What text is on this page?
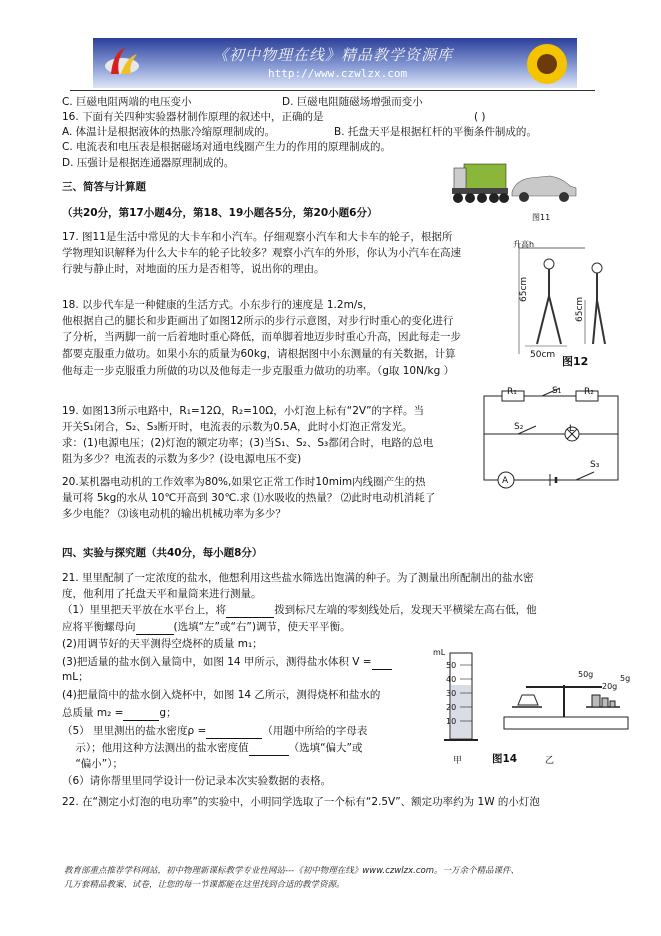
《初中物理在线》精品教学资源库
http://www.czwlzx.com
C. 巨磁电阻两端的电压变小	D. 巨磁电阻随磁场增强而变小
16. 下面有关四种实验器材制作原理的叙述中，正确的是	( )
A. 体温计是根据液体的热胀冷缩原理制成的。	B. 托盘天平是根据杠杆的平衡条件制成的。
C. 电流表和电压表是根据磁场对通电线圈产生力的作用的原理制成的。
D. 压强计是根据连通器原理制成的。
三、简答与计算题
（共20分，第17小题4分，第18、19小题各5分，第20小题6分）	图11
17. 图11是生活中常见的大卡车和小汽车。仔细观察小汽车和大卡车的轮子，根据所
学物理知识解释为什么大卡车的轮子比较多？观察小汽车的外形，你认为小汽车在高速
行驶与静止时，对地面的压力是否相等，说出你的理由。
18. 以步代车是一种健康的生活方式。小东步行的速度是 1.2m/s，
他根据自己的腿长和步距画出了如图12所示的步行示意图，对步行时重心的变化进行
了分析，当两脚一前一后着地时重心降低，而单脚着地迈步时重心升高，因此每走一步
都要克服重力做功。如果小东的质量为60kg，请根据图中小东测量的有关数据，计算
他每走一步克服重力所做的功以及他每走一步克服重力做功的功率。（g取 10N/kg ）
升高h
65cm
65cm
50cm 图12
19. 如图13所示电路中，R₁=12Ω，R₂=10Ω，小灯泡上标有“2V”的字样。当
开关S₁闭合，S₂、S₃断开时，电流表的示数为0.5A，此时小灯泡正常发光。
求：(1)电源电压；(2)灯泡的额定功率；(3)当S₁、S₂、S₃都闭合时，电路的总电
阻为多少？电流表的示数为多少？(设电源电压不变)
20.某机器电动机的工作效率为80%,如果它正常工作时10mim内线圈产生的热
量可将 5kg的水从 10℃开高到 30℃.求 ⑴水吸收的热量？ ⑵此时电动机消耗了
多少电能？ ⑶该电动机的输出机械功率为多少？
R₁	S₁	R₂
S₂	L
A
S₃
四、实验与探究题（共40分，每小题8分）
21. 里里配制了一定浓度的盐水，他想利用这些盐水筛选出饱满的种子。为了测量出所配制出的盐水密
度，他利用了托盘天平和量筒来进行测量。
（1）里里把天平放在水平台上，将	拨到标尺左端的零刻线处后，发现天平横梁左高右低，他
应将平衡螺母向	(选填“左”或“右”)调节，使天平平衡。
(2)用调节好的天平测得空烧杯的质量 m₁；
(3)把适量的盐水倒入量筒中，如图 14 甲所示，测得盐水体积 V =
mL；
(4)把量筒中的盐水倒入烧杯中，如图 14 乙所示，测得烧杯和盐水的
总质量 m₂ =	g；
（5） 里里测出的盐水密度ρ =	（用题中所给的字母表
示）；他用这种方法测出的盐水密度值	（选填“偏大”或
“偏小”）；
（6）请你帮里里同学设计一份记录本次实验数据的表格。
mL
50
40
30
20
10
50g
20g
5g
甲	图14	乙
22. 在“测定小灯泡的电功率”的实验中，小明同学选取了一个标有“2.5V”、额定功率约为 1W 的小灯泡
教育部重点推荐学科网站，初中物理新课标教学专业性网站---《初中物理在线》www.czwlzx.com。一万余个精品课件、
几万套精品教案、试卷，让您的每一节课都能在这里找到合适的教学资源。
